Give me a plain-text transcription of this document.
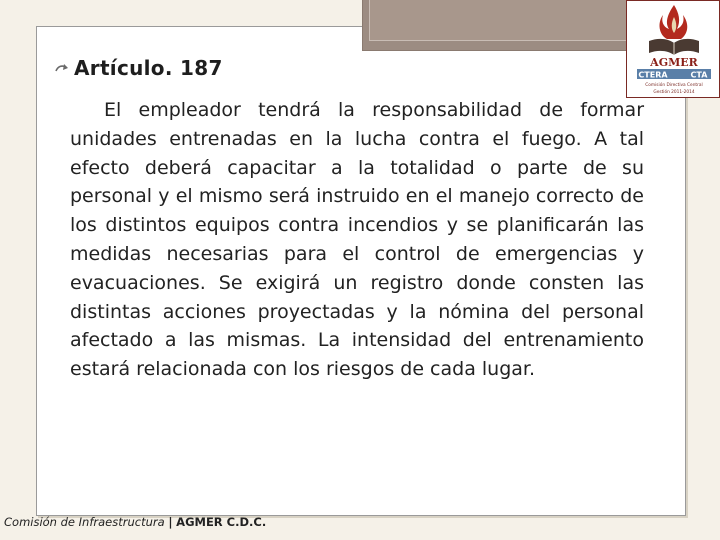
AGMER
CTERA	CTA
Comisión Directiva Central
Gestión 2011-2014
Artículo. 187

El empleador tendrá la responsabilidad de formar unidades entrenadas en la lucha contra el fuego. A tal efecto deberá capacitar a la totalidad o parte de su personal y el mismo será instruido en el manejo correcto de los distintos equipos contra incendios y se planificarán las medidas necesarias para el control de emergencias y evacuaciones. Se exigirá un registro donde consten las distintas acciones proyectadas y la nómina del personal afectado a las mismas. La intensidad del entrenamiento estará relacionada con los riesgos de cada lugar.

Comisión de Infraestructura | AGMER C.D.C.
